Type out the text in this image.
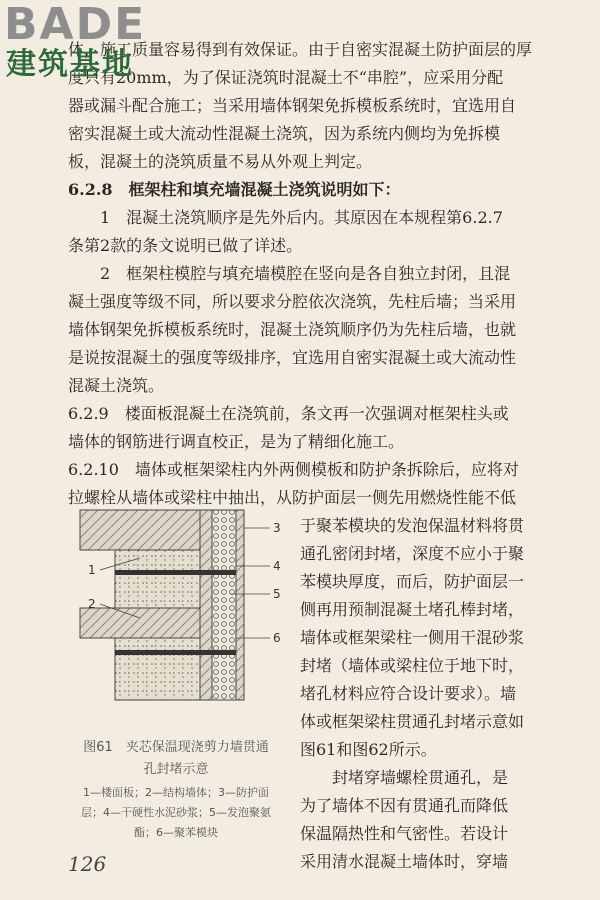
BADE
建筑基地
体，施工质量容易得到有效保证。由于自密实混凝土防护面层的厚
度只有20mm，为了保证浇筑时混凝土不“串腔”，应采用分配
器或漏斗配合施工；当采用墙体钢架免拆模板系统时，宜选用自
密实混凝土或大流动性混凝土浇筑，因为系统内侧均为免拆模
板，混凝土的浇筑质量不易从外观上判定。
6.2.8　框架柱和填充墙混凝土浇筑说明如下：
　　1　混凝土浇筑顺序是先外后内。其原因在本规程第6.2.7
条第2款的条文说明已做了详述。
　　2　框架柱模腔与填充墙模腔在竖向是各自独立封闭，且混
凝土强度等级不同，所以要求分腔依次浇筑，先柱后墙；当采用
墙体钢架免拆模板系统时，混凝土浇筑顺序仍为先柱后墙，也就
是说按混凝土的强度等级排序，宜选用自密实混凝土或大流动性
混凝土浇筑。
6.2.9　楼面板混凝土在浇筑前，条文再一次强调对框架柱头或
墙体的钢筋进行调直校正，是为了精细化施工。
6.2.10　墙体或框架梁柱内外两侧模板和防护条拆除后，应将对
拉螺栓从墙体或梁柱中抽出，从防护面层一侧先用燃烧性能不低
3
4
5
6
1
2
图61　夹芯保温现浇剪力墙贯通
孔封堵示意
1—楼面板；2—结构墙体；3—防护面
层；4—干硬性水泥砂浆；5—发泡聚氨
酯；6—聚苯模块
于聚苯模块的发泡保温材料将贯
通孔密闭封堵，深度不应小于聚
苯模块厚度，而后，防护面层一
侧再用预制混凝土堵孔棒封堵，
墙体或框架梁柱一侧用干混砂浆
封堵（墙体或梁柱位于地下时，
堵孔材料应符合设计要求）。墙
体或框架梁柱贯通孔封堵示意如
图61和图62所示。
　　封堵穿墙螺栓贯通孔，是
为了墙体不因有贯通孔而降低
保温隔热性和气密性。若设计
采用清水混凝土墙体时，穿墙
126
